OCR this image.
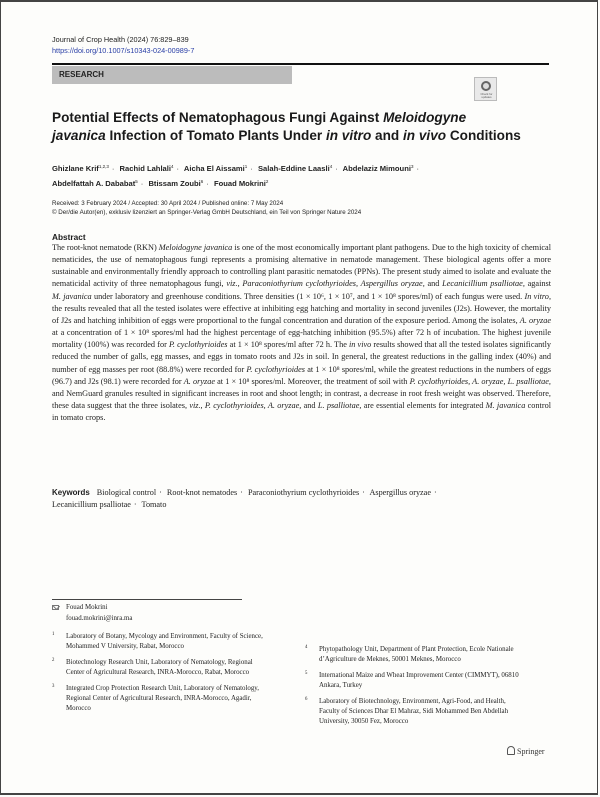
Journal of Crop Health (2024) 76:829–839
https://doi.org/10.1007/s10343-024-00989-7
RESEARCH
Check for updates
Potential Effects of Nematophagous Fungi Against Meloidogyne
javanica Infection of Tomato Plants Under in vitro and in vivo Conditions
Ghizlane Krif$^{1,2,3}$ · Rachid Lahlali$^4$ · Aicha El Aissami$^1$ · Salah-Eddine Laasli$^4$ · Abdelaziz Mimouni$^3$ ·
Abdelfattah A. Dababat$^5$ · Btissam Zoubi$^6$ · Fouad Mokrini$^2$
Received: 3 February 2024 / Accepted: 30 April 2024 / Published online: 7 May 2024
© Der/die Autor(en), exklusiv lizenziert an Springer-Verlag GmbH Deutschland, ein Teil von Springer Nature 2024
Abstract

The root-knot nematode (RKN) Meloidogyne javanica is one of the most economically important plant pathogens. Due to the high toxicity of chemical nematicides, the use of nematophagous fungi represents a promising alternative in nematode management. These biological agents offer a more sustainable and environmentally friendly approach to controlling plant parasitic nematodes (PPNs). The present study aimed to isolate and evaluate the nematicidal activity of three nematophagous fungi, viz., Paraconiothyrium cyclothyrioides, Aspergillus oryzae, and Lecanicillium psalliotae, against M. javanica under laboratory and greenhouse conditions. Three densities (1 × 10⁶, 1 × 10⁷, and 1 × 10⁸ spores/ml) of each fungus were used. In vitro, the results revealed that all the tested isolates were effective at inhibiting egg hatching and mortality in second juveniles (J2s). However, the mortality of J2s and hatching inhibition of eggs were proportional to the fungal concentration and duration of the exposure period. Among the isolates, A. oryzae at a concentration of 1 × 10⁸ spores/ml had the highest percentage of egg-hatching inhibition (95.5%) after 72 h of incubation. The highest juvenile mortality (100%) was recorded for P. cyclothyrioides at 1 × 10⁸ spores/ml after 72 h. The in vivo results showed that all the tested isolates significantly reduced the number of galls, egg masses, and eggs in tomato roots and J2s in soil. In general, the greatest reductions in the galling index (40%) and number of egg masses per root (88.8%) were recorded for P. cyclothyrioides at 1 × 10⁸ spores/ml, while the greatest reductions in the numbers of eggs (96.7) and J2s (98.1) were recorded for A. oryzae at 1 × 10⁸ spores/ml. Moreover, the treatment of soil with P. cyclothyrioides, A. oryzae, L. psalliotae, and NemGuard granules resulted in significant increases in root and shoot length; in contrast, a decrease in root fresh weight was observed. Therefore, these data suggest that the three isolates, viz., P. cyclothyrioides, A. oryzae, and L. psalliotae, are essential elements for integrated M. javanica control in tomato crops.

Keywords Biological control · Root-knot nematodes · Paraconiothyrium cyclothyrioides · Aspergillus oryzae ·
Lecanicillium psalliotae · Tomato
Fouad Mokrini
fouad.mokrini@inra.ma
1 Laboratory of Botany, Mycology and Environment, Faculty of Science, Mohammed V University, Rabat, Morocco
2 Biotechnology Research Unit, Laboratory of Nematology, Regional Center of Agricultural Research, INRA-Morocco, Rabat, Morocco
3 Integrated Crop Protection Research Unit, Laboratory of Nematology, Regional Center of Agricultural Research, INRA-Morocco, Agadir, Morocco
4 Phytopathology Unit, Department of Plant Protection, Ecole Nationale d’Agriculture de Meknes, 50001 Meknes, Morocco
5 International Maize and Wheat Improvement Center (CIMMYT), 06810 Ankara, Turkey
6 Laboratory of Biotechnology, Environment, Agri-Food, and Health, Faculty of Sciences Dhar El Mahraz, Sidi Mohammed Ben Abdellah University, 30050 Fez, Morocco
Springer
